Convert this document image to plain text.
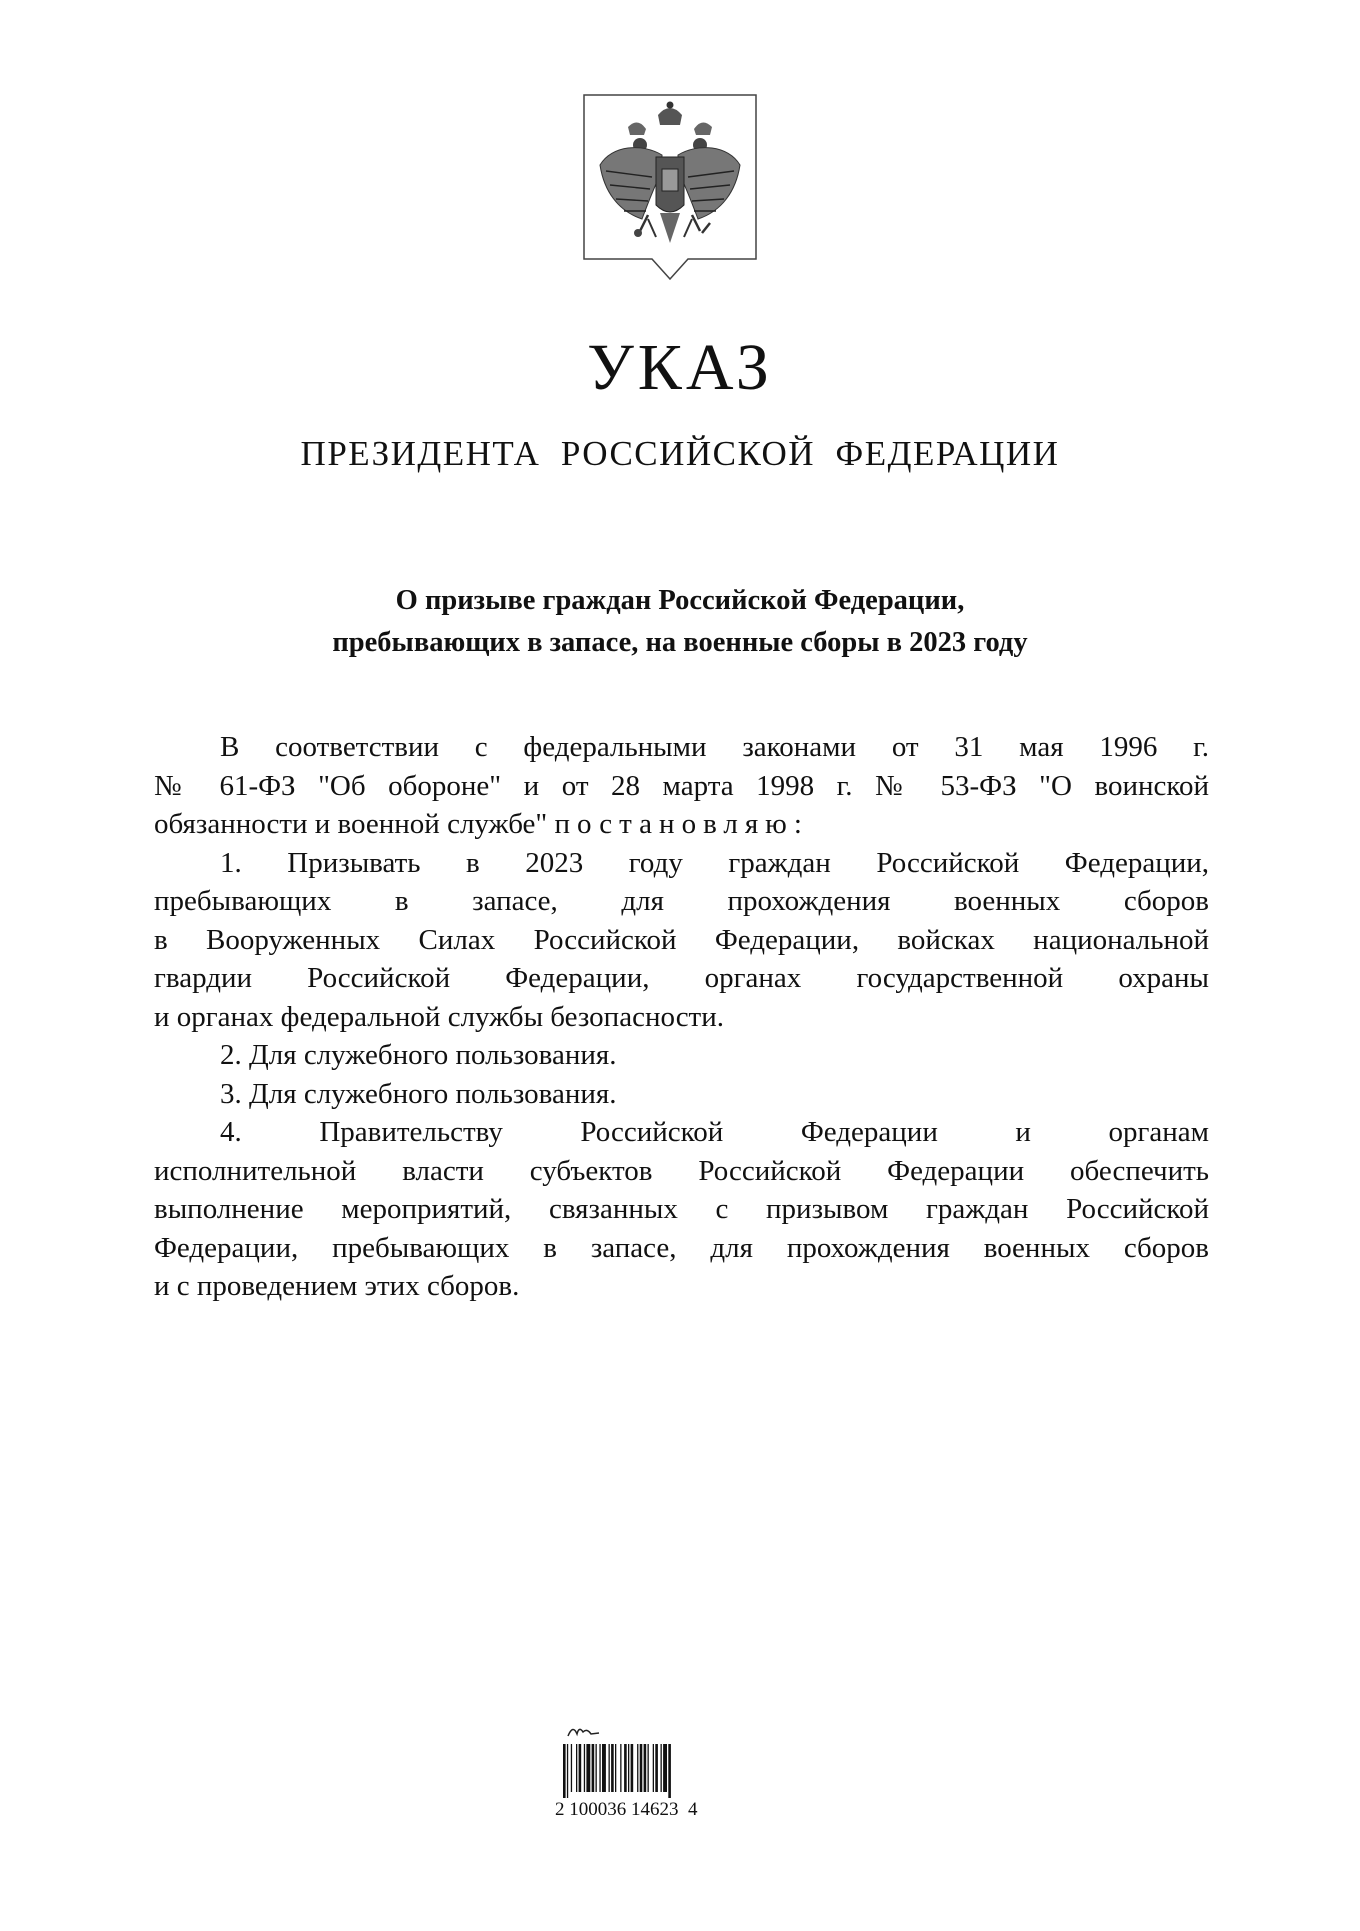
УКАЗ
ПРЕЗИДЕНТА  РОССИЙСКОЙ  ФЕДЕРАЦИИ
О призыве граждан Российской Федерации,
пребывающих в запасе, на военные сборы в 2023 году
В соответствии с федеральными законами от 31 мая 1996 г.
№ 61-ФЗ "Об обороне" и от 28 марта 1998 г. № 53-ФЗ "О воинской
обязанности и военной службе" постановляю:
1. Призывать в 2023 году граждан Российской Федерации,
пребывающих в запасе, для прохождения военных сборов
в Вооруженных Силах Российской Федерации, войсках национальной
гвардии Российской Федерации, органах государственной охраны
и органах федеральной службы безопасности.
2. Для служебного пользования.
3. Для служебного пользования.
4. Правительству Российской Федерации и органам
исполнительной власти субъектов Российской Федерации обеспечить
выполнение мероприятий, связанных с призывом граждан Российской
Федерации, пребывающих в запасе, для прохождения военных сборов
и с проведением этих сборов.
2 100036 14623  4
